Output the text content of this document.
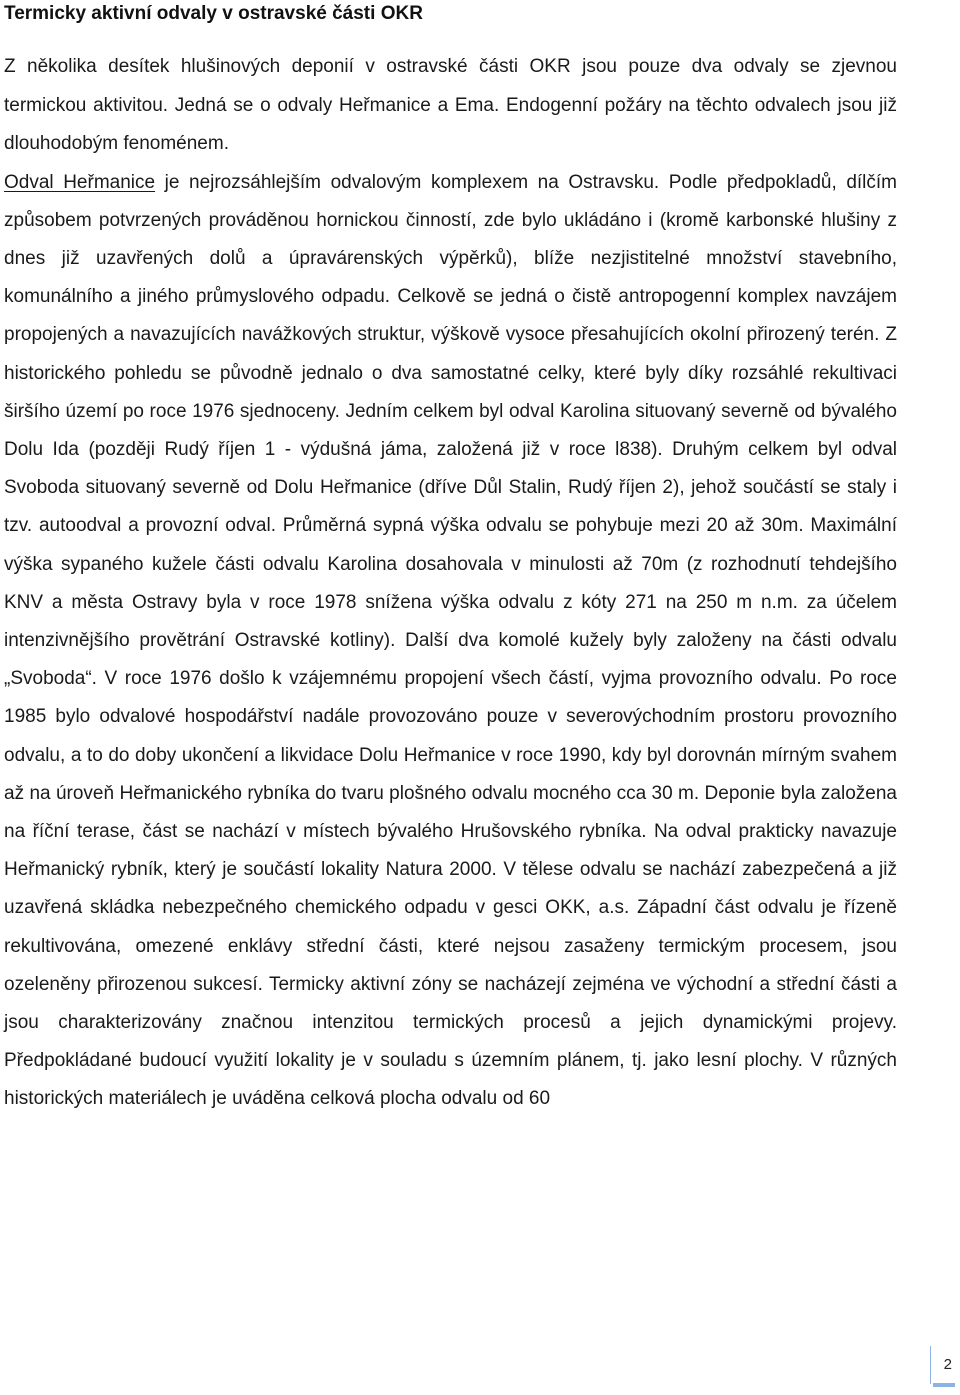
Termicky aktivní odvaly v ostravské části OKR

Z několika desítek hlušinových deponií v ostravské části OKR jsou pouze dva odvaly se zjevnou termickou aktivitou. Jedná se o odvaly Heřmanice a Ema. Endogenní požáry na těchto odvalech jsou již dlouhodobým fenoménem.

Odval Heřmanice je nejrozsáhlejším odvalovým komplexem na Ostravsku. Podle předpokladů, dílčím způsobem potvrzených prováděnou hornickou činností, zde bylo ukládáno i (kromě karbonské hlušiny z dnes již uzavřených dolů a úpravárenských výpěrků), blíže nezjistitelné množství stavebního, komunálního a jiného průmyslového odpadu. Celkově se jedná o čistě antropogenní komplex navzájem propojených a navazujících navážkových struktur, výškově vysoce přesahujících okolní přirozený terén. Z historického pohledu se původně jednalo o dva samostatné celky, které byly díky rozsáhlé rekultivaci širšího území po roce 1976 sjednoceny. Jedním celkem byl odval Karolina situovaný severně od bývalého Dolu Ida (později Rudý říjen 1 - výdušná jáma, založená již v roce l838). Druhým celkem byl odval Svoboda situovaný severně od Dolu Heřmanice (dříve Důl Stalin, Rudý říjen 2), jehož součástí se staly i tzv. autoodval a provozní odval. Průměrná sypná výška odvalu se pohybuje mezi 20 až 30m. Maximální výška sypaného kužele části odvalu Karolina dosahovala v minulosti až 70m (z rozhodnutí tehdejšího KNV a města Ostravy byla v roce 1978 snížena výška odvalu z kóty 271 na 250 m n.m. za účelem intenzivnějšího provětrání Ostravské kotliny). Další dva komolé kužely byly založeny na části odvalu „Svoboda“. V roce 1976 došlo k vzájemnému propojení všech částí, vyjma provozního odvalu. Po roce 1985 bylo odvalové hospodářství nadále provozováno pouze v severovýchodním prostoru provozního odvalu, a to do doby ukončení a likvidace Dolu Heřmanice v roce 1990, kdy byl dorovnán mírným svahem až na úroveň Heřmanického rybníka do tvaru plošného odvalu mocného cca 30 m. Deponie byla založena na říční terase, část se nachází v místech bývalého Hrušovského rybníka. Na odval prakticky navazuje Heřmanický rybník, který je součástí lokality Natura 2000. V tělese odvalu se nachází zabezpečená a již uzavřená skládka nebezpečného chemického odpadu v gesci OKK, a.s. Západní část odvalu je řízeně rekultivována, omezené enklávy střední části, které nejsou zasaženy termickým procesem, jsou ozeleněny přirozenou sukcesí. Termicky aktivní zóny se nacházejí zejména ve východní a střední části a jsou charakterizovány značnou intenzitou termických procesů a jejich dynamickými projevy. Předpokládané budoucí využití lokality je v souladu s územním plánem, tj. jako lesní plochy. V různých historických materiálech je uváděna celková plocha odvalu od 60

2
